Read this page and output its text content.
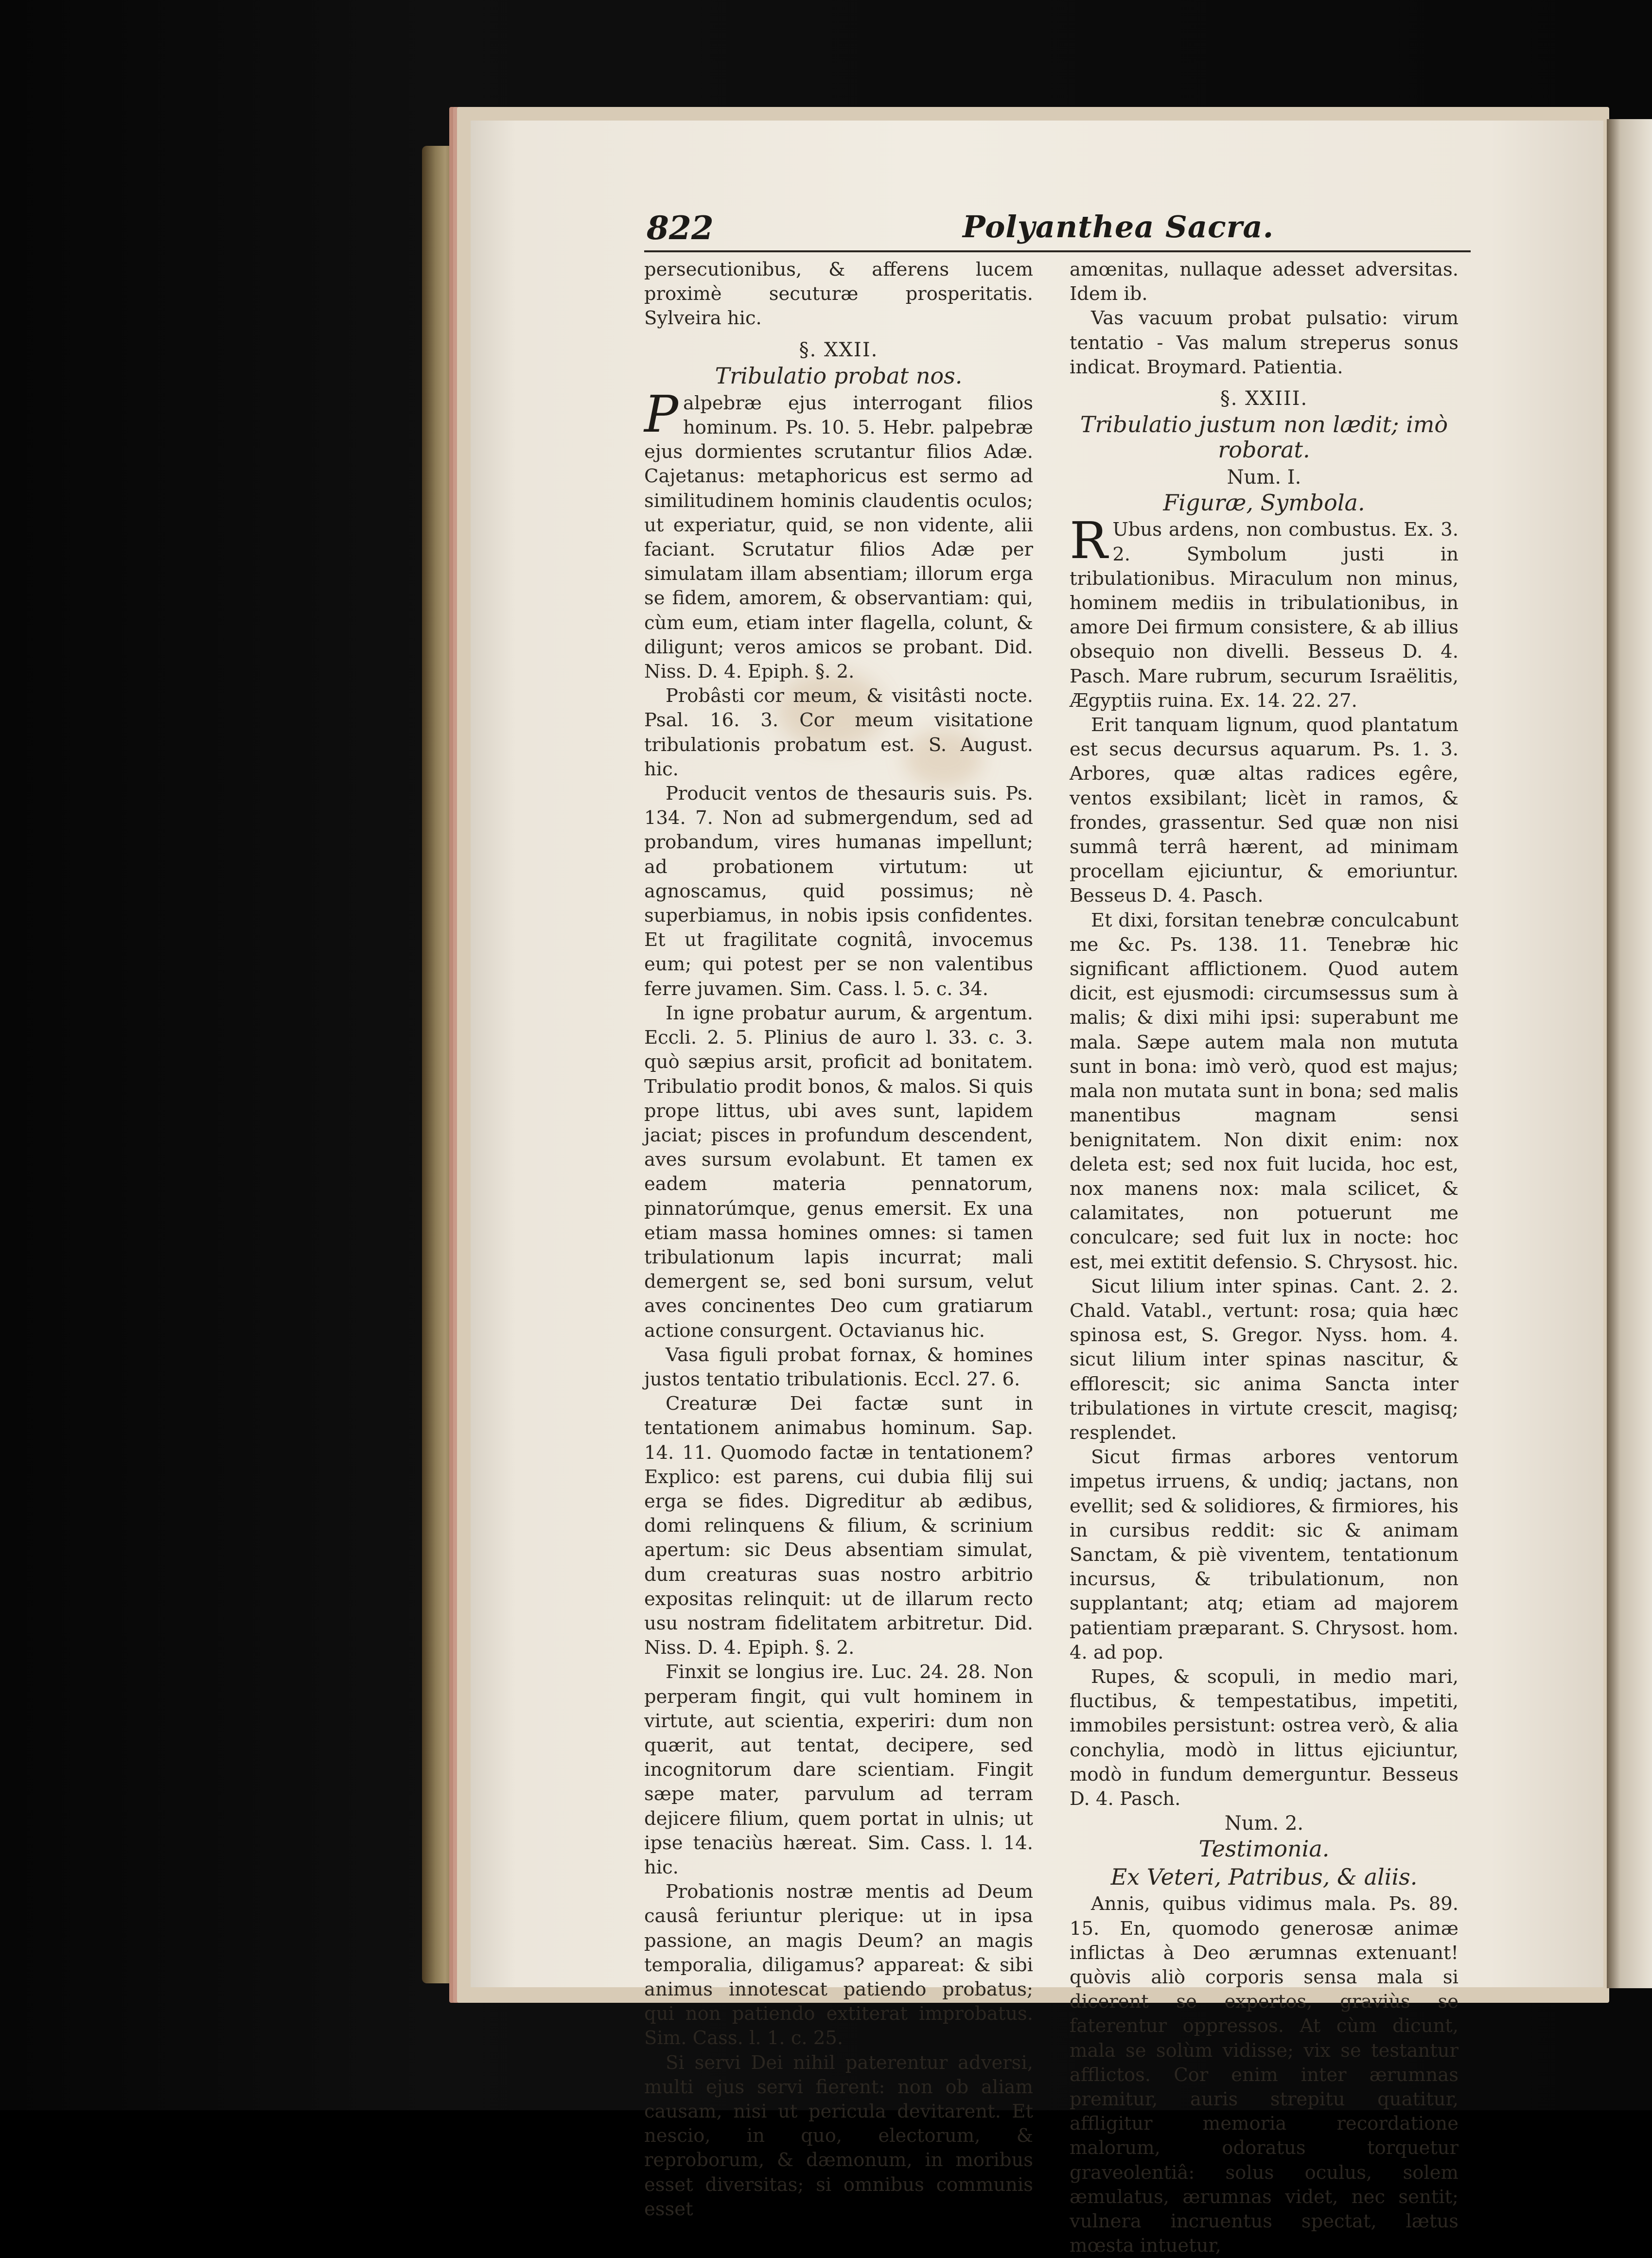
822	Polyanthea Sacra.

persecutionibus, & afferens lucem proximè secuturæ prosperitatis. Sylveira hic.

§. XXII.

Tribulatio probat nos.

Palpebræ ejus interrogant filios hominum. Ps. 10. 5. Hebr. palpebræ ejus dormientes scrutantur filios Adæ. Cajetanus: metaphoricus est sermo ad similitudinem hominis claudentis oculos; ut experiatur, quid, se non vidente, alii faciant. Scrutatur filios Adæ per simulatam illam absentiam; illorum erga se fidem, amorem, & observantiam: qui, cùm eum, etiam inter flagella, colunt, & diligunt; veros amicos se probant. Did. Niss. D. 4. Epiph. §. 2.

Probâsti cor meum, & visitâsti nocte. Psal. 16. 3. Cor meum visitatione tribulationis probatum est. S. August. hic.

Producit ventos de thesauris suis. Ps. 134. 7. Non ad submergendum, sed ad probandum, vires humanas impellunt; ad probationem virtutum: ut agnoscamus, quid possimus; nè superbiamus, in nobis ipsis confidentes. Et ut fragilitate cognitâ, invocemus eum; qui potest per se non valentibus ferre juvamen. Sim. Cass. l. 5. c. 34.

In igne probatur aurum, & argentum. Eccli. 2. 5. Plinius de auro l. 33. c. 3. quò sæpius arsit, proficit ad bonitatem. Tribulatio prodit bonos, & malos. Si quis prope littus, ubi aves sunt, lapidem jaciat; pisces in profundum descendent, aves sursum evolabunt. Et tamen ex eadem materia pennatorum, pinnatorúmque, genus emersit. Ex una etiam massa homines omnes: si tamen tribulationum lapis incurrat; mali demergent se, sed boni sursum, velut aves concinentes Deo cum gratiarum actione consurgent. Octavianus hic.

Vasa figuli probat fornax, & homines justos tentatio tribulationis. Eccl. 27. 6.

Creaturæ Dei factæ sunt in tentationem animabus hominum. Sap. 14. 11. Quomodo factæ in tentationem? Explico: est parens, cui dubia filij sui erga se fides. Digreditur ab ædibus, domi relinquens & filium, & scrinium apertum: sic Deus absentiam simulat, dum creaturas suas nostro arbitrio expositas relinquit: ut de illarum recto usu nostram fidelitatem arbitretur. Did. Niss. D. 4. Epiph. §. 2.

Finxit se longius ire. Luc. 24. 28. Non perperam fingit, qui vult hominem in virtute, aut scientia, experiri: dum non quærit, aut tentat, decipere, sed incognitorum dare scientiam. Fingit sæpe mater, parvulum ad terram dejicere filium, quem portat in ulnis; ut ipse tenaciùs hæreat. Sim. Cass. l. 14. hic.

Probationis nostræ mentis ad Deum causâ feriuntur plerique: ut in ipsa passione, an magis Deum? an magis temporalia, diligamus? appareat: & sibi animus innotescat patiendo probatus; qui non patiendo extiterat improbatus. Sim. Cass. l. 1. c. 25.

Si servi Dei nihil paterentur adversi, multi ejus servi fierent: non ob aliam causam, nisi ut pericula devitarent. Et nescio, in quo, electorum, & reproborum, & dæmonum, in moribus esset diversitas; si omnibus communis esset

amœnitas, nullaque adesset adversitas. Idem ib.

Vas vacuum probat pulsatio: virum tentatio - Vas malum streperus sonus indicat. Broymard. Patientia.

§. XXIII.

Tribulatio justum non lædit; imò roborat.

Num. I.

Figuræ, Symbola.

R Ubus ardens, non combustus. Ex. 3. 2. Symbolum justi in tribulationibus. Miraculum non minus, hominem mediis in tribulationibus, in amore Dei firmum consistere, & ab illius obsequio non divelli. Besseus D. 4. Pasch. Mare rubrum, securum Israëlitis, Ægyptiis ruina. Ex. 14. 22. 27.

Erit tanquam lignum, quod plantatum est secus decursus aquarum. Ps. 1. 3. Arbores, quæ altas radices egêre, ventos exsibilant; licèt in ramos, & frondes, grassentur. Sed quæ non nisi summâ terrâ hærent, ad minimam procellam ejiciuntur, & emoriuntur. Besseus D. 4. Pasch.

Et dixi, forsitan tenebræ conculcabunt me &c. Ps. 138. 11. Tenebræ hic significant afflictionem. Quod autem dicit, est ejusmodi: circumsessus sum à malis; & dixi mihi ipsi: superabunt me mala. Sæpe autem mala non mututa sunt in bona: imò verò, quod est majus; mala non mutata sunt in bona; sed malis manentibus magnam sensi benignitatem. Non dixit enim: nox deleta est; sed nox fuit lucida, hoc est, nox manens nox: mala scilicet, & calamitates, non potuerunt me conculcare; sed fuit lux in nocte: hoc est, mei extitit defensio. S. Chrysost. hic.

Sicut lilium inter spinas. Cant. 2. 2. Chald. Vatabl., vertunt: rosa; quia hæc spinosa est, S. Gregor. Nyss. hom. 4. sicut lilium inter spinas nascitur, & efflorescit; sic anima Sancta inter tribulationes in virtute crescit, magisq; resplendet.

Sicut firmas arbores ventorum impetus irruens, & undiq; jactans, non evellit; sed & solidiores, & firmiores, his in cursibus reddit: sic & animam Sanctam, & piè viventem, tentationum incursus, & tribulationum, non supplantant; atq; etiam ad majorem patientiam præparant. S. Chrysost. hom. 4. ad pop.

Rupes, & scopuli, in medio mari, fluctibus, & tempestatibus, impetiti, immobiles persistunt: ostrea verò, & alia conchylia, modò in littus ejiciuntur, modò in fundum demerguntur. Besseus D. 4. Pasch.

Num. 2.

Testimonia.

Ex Veteri, Patribus, & aliis.

Annis, quibus vidimus mala. Ps. 89. 15. En, quomodo generosæ animæ inflictas à Deo ærumnas extenuant! quòvis aliò corporis sensa mala si dicerent se expertos, graviùs se faterentur oppressos. At cùm dicunt, mala se solùm vidisse; vix se testantur afflictos. Cor enim inter ærumnas premitur, auris strepitu quatitur, affligitur memoria recordatione malorum, odoratus torquetur graveolentiâ: solus oculus, solem æmulatus, ærumnas videt, nec sentit; vulnera incruentus spectat, lætus mœsta intuetur,
